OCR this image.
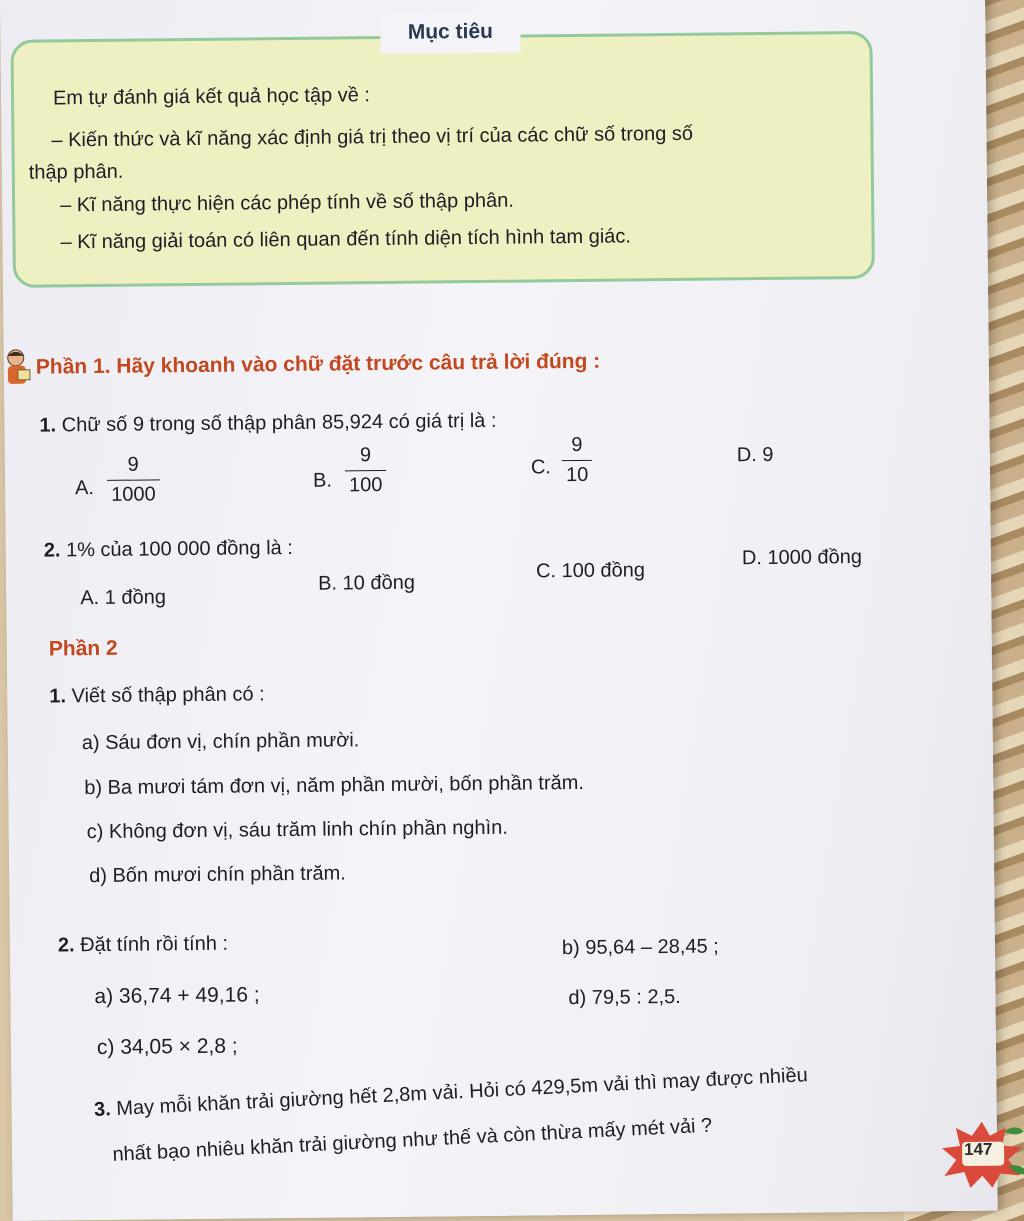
Mục tiêu
Em tự đánh giá kết quả học tập về :
– Kiến thức và kĩ năng xác định giá trị theo vị trí của các chữ số trong số
thập phân.
– Kĩ năng thực hiện các phép tính về số thập phân.
– Kĩ năng giải toán có liên quan đến tính diện tích hình tam giác.
Phần 1. Hãy khoanh vào chữ đặt trước câu trả lời đúng :
1. Chữ số 9 trong số thập phân 85,924 có giá trị là :
A. $\frac{9}{1000}$	B. $\frac{9}{100}$	C. $\frac{9}{10}$	D. 9
2. 1% của 100 000 đồng là :
A. 1 đồng
B. 10 đồng
C. 100 đồng
D. 1000 đồng
Phần 2
1. Viết số thập phân có :
a) Sáu đơn vị, chín phần mười.
b) Ba mươi tám đơn vị, năm phần mười, bốn phần trăm.
c) Không đơn vị, sáu trăm linh chín phần nghìn.
d) Bốn mươi chín phần trăm.
2. Đặt tính rồi tính :	b) 95,64 – 28,45 ;
a) 36,74 + 49,16 ;	d) 79,5 : 2,5.
c) 34,05 × 2,8 ;
3. May mỗi khăn trải giường hết 2,8m vải. Hỏi có 429,5m vải thì may được nhiều
nhất bạo nhiêu khăn trải giường như thế và còn thừa mấy mét vải ?	147
